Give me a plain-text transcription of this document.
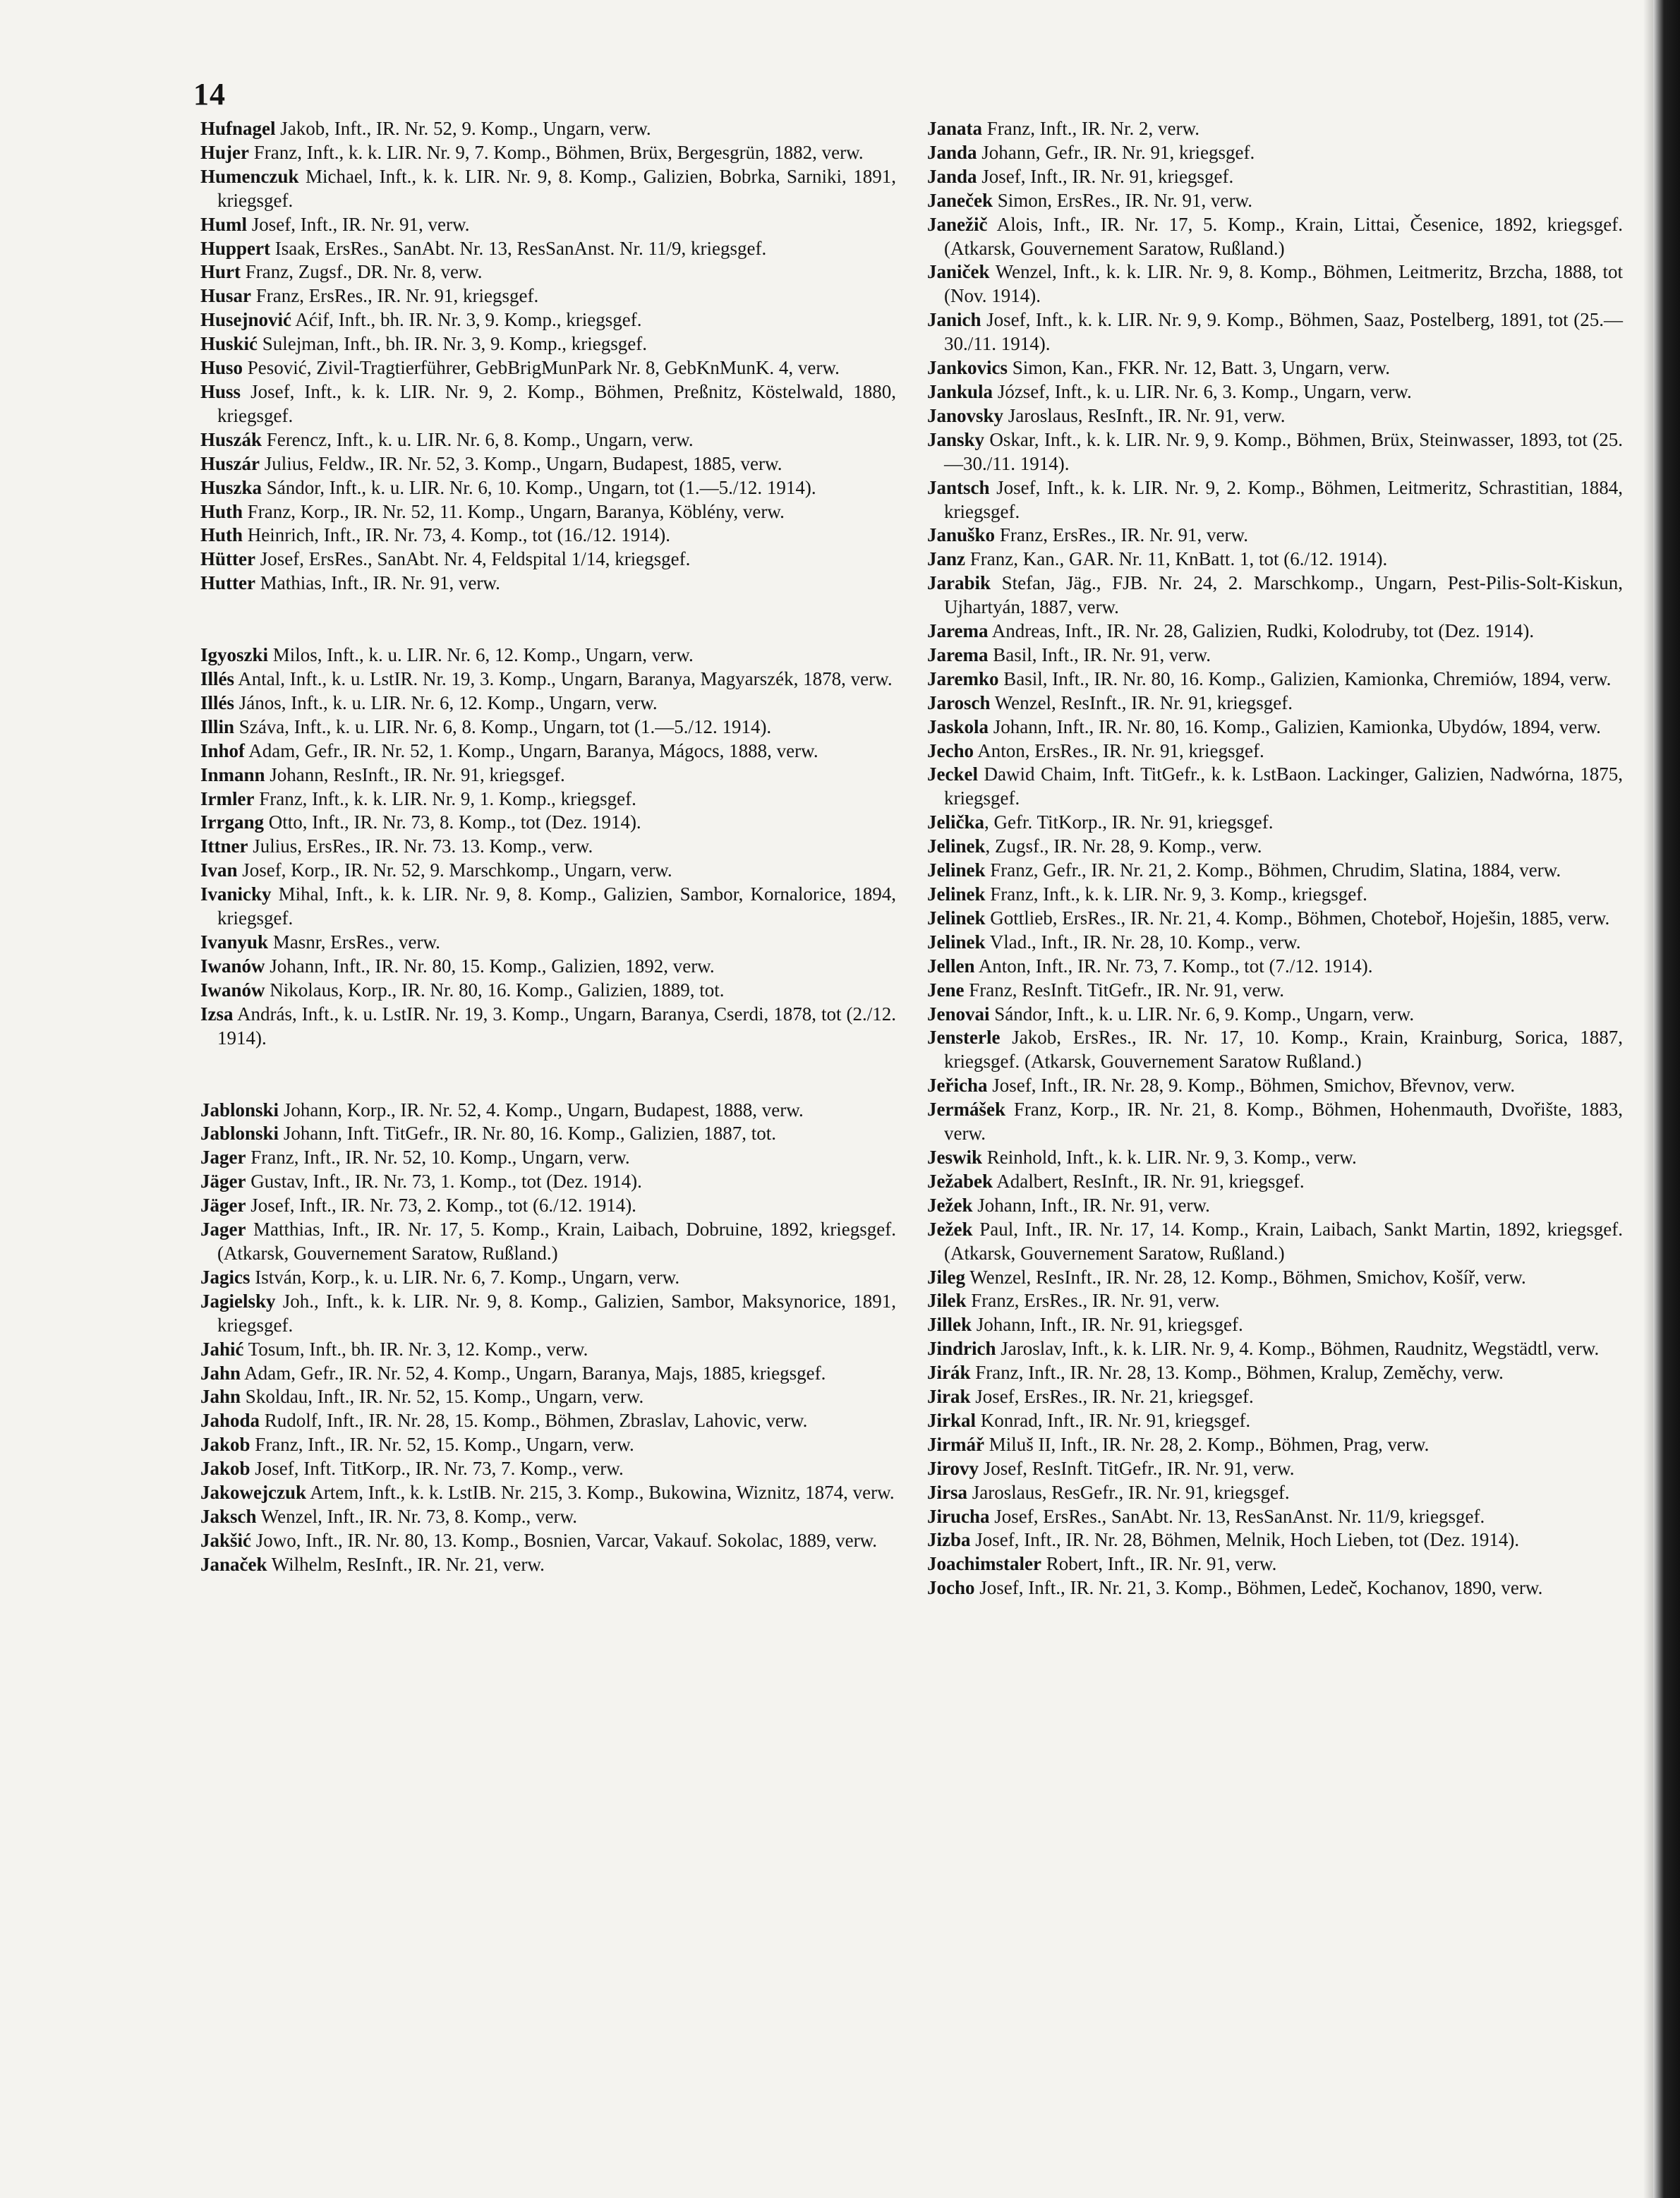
14

Hufnagel Jakob, Inft., IR. Nr. 52, 9. Komp., Ungarn, verw.

Hujer Franz, Inft., k. k. LIR. Nr. 9, 7. Komp., Böhmen, Brüx, Bergesgrün, 1882, verw.

Humenczuk Michael, Inft., k. k. LIR. Nr. 9, 8. Komp., Galizien, Bobrka, Sarniki, 1891, kriegsgef.

Huml Josef, Inft., IR. Nr. 91, verw.

Huppert Isaak, ErsRes., SanAbt. Nr. 13, ResSanAnst. Nr. 11/9, kriegsgef.

Hurt Franz, Zugsf., DR. Nr. 8, verw.

Husar Franz, ErsRes., IR. Nr. 91, kriegsgef.

Husejnović Aćif, Inft., bh. IR. Nr. 3, 9. Komp., kriegsgef.

Huskić Sulejman, Inft., bh. IR. Nr. 3, 9. Komp., kriegsgef.

Huso Pesović, Zivil-Tragtierführer, GebBrigMunPark Nr. 8, GebKnMunK. 4, verw.

Huss Josef, Inft., k. k. LIR. Nr. 9, 2. Komp., Böhmen, Preßnitz, Köstelwald, 1880, kriegsgef.

Huszák Ferencz, Inft., k. u. LIR. Nr. 6, 8. Komp., Ungarn, verw.

Huszár Julius, Feldw., IR. Nr. 52, 3. Komp., Ungarn, Budapest, 1885, verw.

Huszka Sándor, Inft., k. u. LIR. Nr. 6, 10. Komp., Ungarn, tot (1.—5./12. 1914).

Huth Franz, Korp., IR. Nr. 52, 11. Komp., Ungarn, Baranya, Köblény, verw.

Huth Heinrich, Inft., IR. Nr. 73, 4. Komp., tot (16./12. 1914).

Hütter Josef, ErsRes., SanAbt. Nr. 4, Feldspital 1/14, kriegsgef.

Hutter Mathias, Inft., IR. Nr. 91, verw.

Igyoszki Milos, Inft., k. u. LIR. Nr. 6, 12. Komp., Ungarn, verw.

Illés Antal, Inft., k. u. LstIR. Nr. 19, 3. Komp., Ungarn, Baranya, Magyarszék, 1878, verw.

Illés János, Inft., k. u. LIR. Nr. 6, 12. Komp., Ungarn, verw.

Illin Száva, Inft., k. u. LIR. Nr. 6, 8. Komp., Ungarn, tot (1.—5./12. 1914).

Inhof Adam, Gefr., IR. Nr. 52, 1. Komp., Ungarn, Baranya, Mágocs, 1888, verw.

Inmann Johann, ResInft., IR. Nr. 91, kriegsgef.

Irmler Franz, Inft., k. k. LIR. Nr. 9, 1. Komp., kriegsgef.

Irrgang Otto, Inft., IR. Nr. 73, 8. Komp., tot (Dez. 1914).

Ittner Julius, ErsRes., IR. Nr. 73. 13. Komp., verw.

Ivan Josef, Korp., IR. Nr. 52, 9. Marschkomp., Ungarn, verw.

Ivanicky Mihal, Inft., k. k. LIR. Nr. 9, 8. Komp., Galizien, Sambor, Kornalorice, 1894, kriegsgef.

Ivanyuk Masnr, ErsRes., verw.

Iwanów Johann, Inft., IR. Nr. 80, 15. Komp., Galizien, 1892, verw.

Iwanów Nikolaus, Korp., IR. Nr. 80, 16. Komp., Galizien, 1889, tot.

Izsa András, Inft., k. u. LstIR. Nr. 19, 3. Komp., Ungarn, Baranya, Cserdi, 1878, tot (2./12. 1914).

Jablonski Johann, Korp., IR. Nr. 52, 4. Komp., Ungarn, Budapest, 1888, verw.

Jablonski Johann, Inft. TitGefr., IR. Nr. 80, 16. Komp., Galizien, 1887, tot.

Jager Franz, Inft., IR. Nr. 52, 10. Komp., Ungarn, verw.

Jäger Gustav, Inft., IR. Nr. 73, 1. Komp., tot (Dez. 1914).

Jäger Josef, Inft., IR. Nr. 73, 2. Komp., tot (6./12. 1914).

Jager Matthias, Inft., IR. Nr. 17, 5. Komp., Krain, Laibach, Dobruine, 1892, kriegsgef. (Atkarsk, Gouvernement Saratow, Rußland.)

Jagics István, Korp., k. u. LIR. Nr. 6, 7. Komp., Ungarn, verw.

Jagielsky Joh., Inft., k. k. LIR. Nr. 9, 8. Komp., Galizien, Sambor, Maksynorice, 1891, kriegsgef.

Jahić Tosum, Inft., bh. IR. Nr. 3, 12. Komp., verw.

Jahn Adam, Gefr., IR. Nr. 52, 4. Komp., Ungarn, Baranya, Majs, 1885, kriegsgef.

Jahn Skoldau, Inft., IR. Nr. 52, 15. Komp., Ungarn, verw.

Jahoda Rudolf, Inft., IR. Nr. 28, 15. Komp., Böhmen, Zbraslav, Lahovic, verw.

Jakob Franz, Inft., IR. Nr. 52, 15. Komp., Ungarn, verw.

Jakob Josef, Inft. TitKorp., IR. Nr. 73, 7. Komp., verw.

Jakowejczuk Artem, Inft., k. k. LstIB. Nr. 215, 3. Komp., Bukowina, Wiznitz, 1874, verw.

Jaksch Wenzel, Inft., IR. Nr. 73, 8. Komp., verw.

Jakšić Jowo, Inft., IR. Nr. 80, 13. Komp., Bosnien, Varcar, Vakauf. Sokolac, 1889, verw.

Janaček Wilhelm, ResInft., IR. Nr. 21, verw.

Janata Franz, Inft., IR. Nr. 2, verw.

Janda Johann, Gefr., IR. Nr. 91, kriegsgef.

Janda Josef, Inft., IR. Nr. 91, kriegsgef.

Janeček Simon, ErsRes., IR. Nr. 91, verw.

Janežič Alois, Inft., IR. Nr. 17, 5. Komp., Krain, Littai, Česenice, 1892, kriegsgef. (Atkarsk, Gouvernement Saratow, Rußland.)

Janiček Wenzel, Inft., k. k. LIR. Nr. 9, 8. Komp., Böhmen, Leitmeritz, Brzcha, 1888, tot (Nov. 1914).

Janich Josef, Inft., k. k. LIR. Nr. 9, 9. Komp., Böhmen, Saaz, Postelberg, 1891, tot (25.—30./11. 1914).

Jankovics Simon, Kan., FKR. Nr. 12, Batt. 3, Ungarn, verw.

Jankula József, Inft., k. u. LIR. Nr. 6, 3. Komp., Ungarn, verw.

Janovsky Jaroslaus, ResInft., IR. Nr. 91, verw.

Jansky Oskar, Inft., k. k. LIR. Nr. 9, 9. Komp., Böhmen, Brüx, Steinwasser, 1893, tot (25.—30./11. 1914).

Jantsch Josef, Inft., k. k. LIR. Nr. 9, 2. Komp., Böhmen, Leitmeritz, Schrastitian, 1884, kriegsgef.

Januško Franz, ErsRes., IR. Nr. 91, verw.

Janz Franz, Kan., GAR. Nr. 11, KnBatt. 1, tot (6./12. 1914).

Jarabik Stefan, Jäg., FJB. Nr. 24, 2. Marschkomp., Ungarn, Pest-Pilis-Solt-Kiskun, Ujhartyán, 1887, verw.

Jarema Andreas, Inft., IR. Nr. 28, Galizien, Rudki, Kolodruby, tot (Dez. 1914).

Jarema Basil, Inft., IR. Nr. 91, verw.

Jaremko Basil, Inft., IR. Nr. 80, 16. Komp., Galizien, Kamionka, Chremiów, 1894, verw.

Jarosch Wenzel, ResInft., IR. Nr. 91, kriegsgef.

Jaskola Johann, Inft., IR. Nr. 80, 16. Komp., Galizien, Kamionka, Ubydów, 1894, verw.

Jecho Anton, ErsRes., IR. Nr. 91, kriegsgef.

Jeckel Dawid Chaim, Inft. TitGefr., k. k. LstBaon. Lackinger, Galizien, Nadwórna, 1875, kriegsgef.

Jelička, Gefr. TitKorp., IR. Nr. 91, kriegsgef.

Jelinek, Zugsf., IR. Nr. 28, 9. Komp., verw.

Jelinek Franz, Gefr., IR. Nr. 21, 2. Komp., Böhmen, Chrudim, Slatina, 1884, verw.

Jelinek Franz, Inft., k. k. LIR. Nr. 9, 3. Komp., kriegsgef.

Jelinek Gottlieb, ErsRes., IR. Nr. 21, 4. Komp., Böhmen, Choteboř, Hoješin, 1885, verw.

Jelinek Vlad., Inft., IR. Nr. 28, 10. Komp., verw.

Jellen Anton, Inft., IR. Nr. 73, 7. Komp., tot (7./12. 1914).

Jene Franz, ResInft. TitGefr., IR. Nr. 91, verw.

Jenovai Sándor, Inft., k. u. LIR. Nr. 6, 9. Komp., Ungarn, verw.

Jensterle Jakob, ErsRes., IR. Nr. 17, 10. Komp., Krain, Krainburg, Sorica, 1887, kriegsgef. (Atkarsk, Gouvernement Saratow Rußland.)

Jeřicha Josef, Inft., IR. Nr. 28, 9. Komp., Böhmen, Smichov, Břevnov, verw.

Jermášek Franz, Korp., IR. Nr. 21, 8. Komp., Böhmen, Hohenmauth, Dvořište, 1883, verw.

Jeswik Reinhold, Inft., k. k. LIR. Nr. 9, 3. Komp., verw.

Ježabek Adalbert, ResInft., IR. Nr. 91, kriegsgef.

Ježek Johann, Inft., IR. Nr. 91, verw.

Ježek Paul, Inft., IR. Nr. 17, 14. Komp., Krain, Laibach, Sankt Martin, 1892, kriegsgef. (Atkarsk, Gouvernement Saratow, Rußland.)

Jileg Wenzel, ResInft., IR. Nr. 28, 12. Komp., Böhmen, Smichov, Košíř, verw.

Jilek Franz, ErsRes., IR. Nr. 91, verw.

Jillek Johann, Inft., IR. Nr. 91, kriegsgef.

Jindrich Jaroslav, Inft., k. k. LIR. Nr. 9, 4. Komp., Böhmen, Raudnitz, Wegstädtl, verw.

Jirák Franz, Inft., IR. Nr. 28, 13. Komp., Böhmen, Kralup, Zeměchy, verw.

Jirak Josef, ErsRes., IR. Nr. 21, kriegsgef.

Jirkal Konrad, Inft., IR. Nr. 91, kriegsgef.

Jirmář Miluš II, Inft., IR. Nr. 28, 2. Komp., Böhmen, Prag, verw.

Jirovy Josef, ResInft. TitGefr., IR. Nr. 91, verw.

Jirsa Jaroslaus, ResGefr., IR. Nr. 91, kriegsgef.

Jirucha Josef, ErsRes., SanAbt. Nr. 13, ResSanAnst. Nr. 11/9, kriegsgef.

Jizba Josef, Inft., IR. Nr. 28, Böhmen, Melnik, Hoch Lieben, tot (Dez. 1914).

Joachimstaler Robert, Inft., IR. Nr. 91, verw.

Jocho Josef, Inft., IR. Nr. 21, 3. Komp., Böhmen, Ledeč, Kochanov, 1890, verw.
